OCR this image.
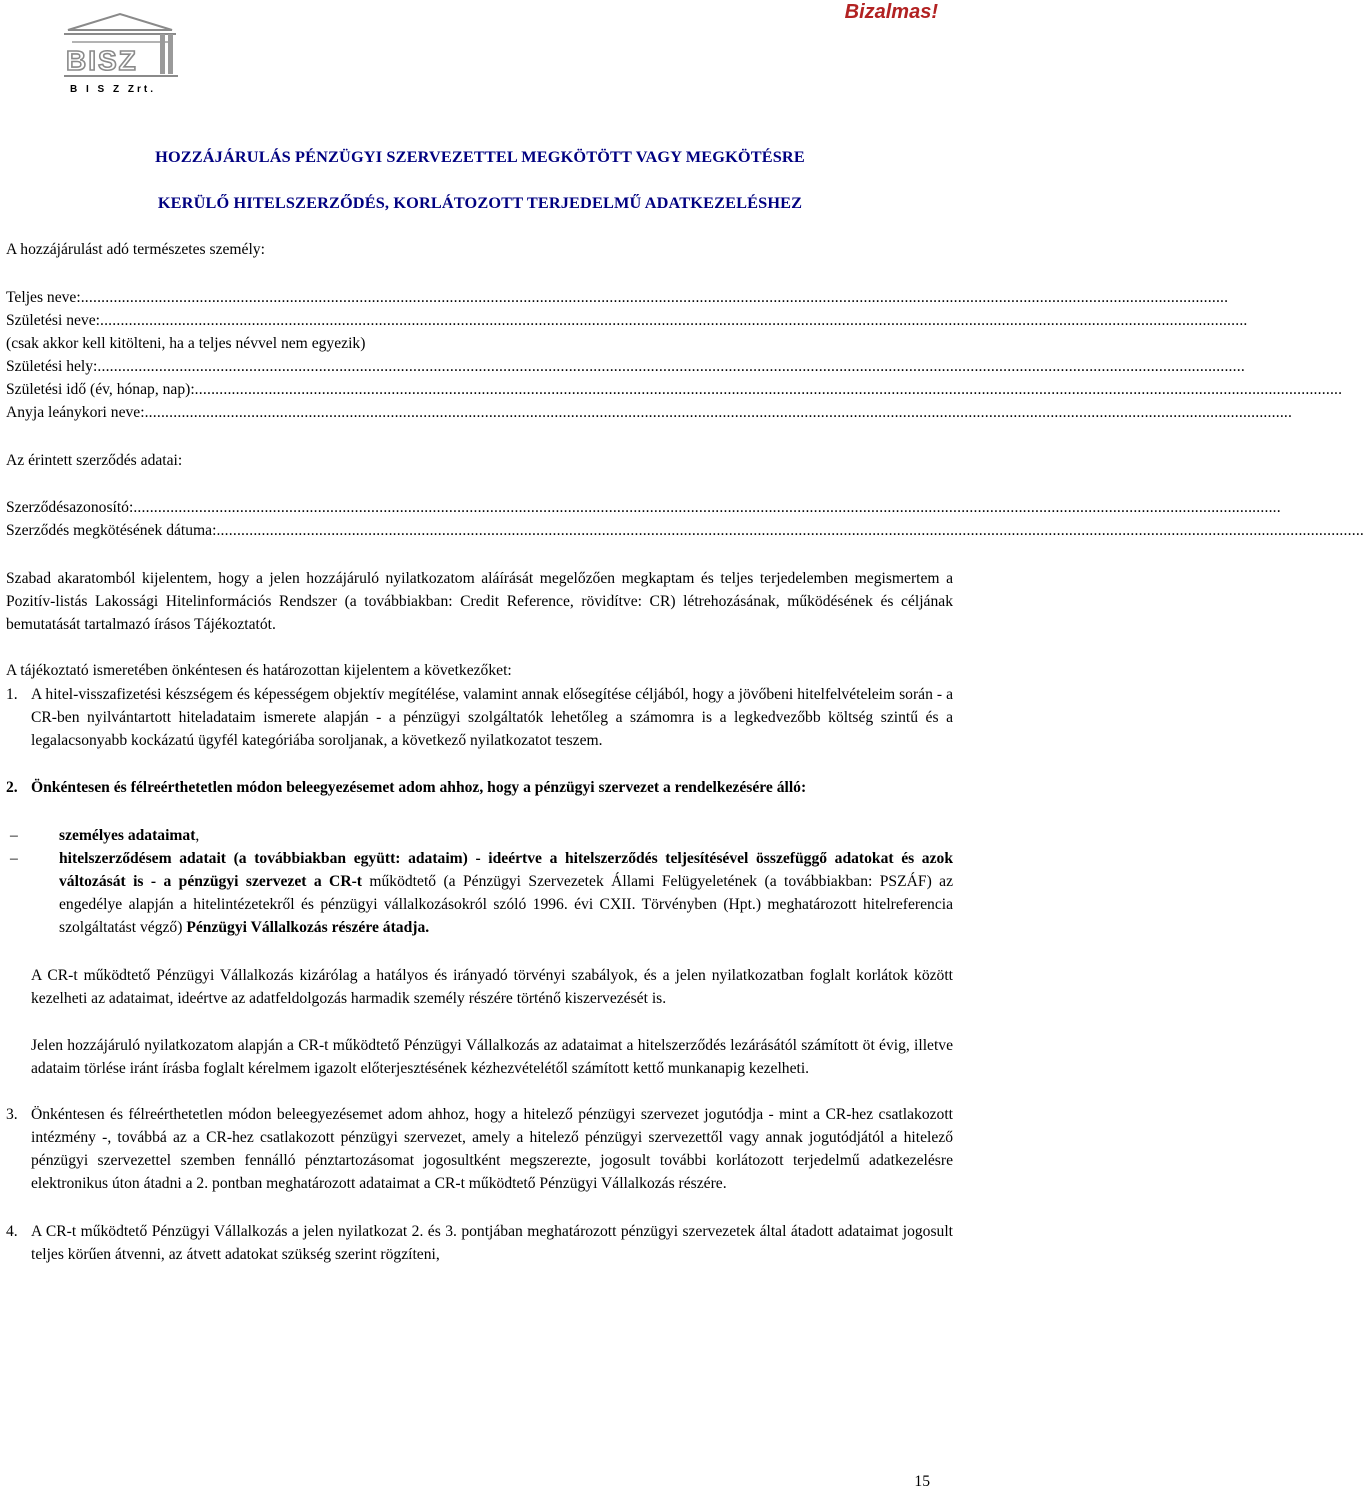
Bizalmas!
BISZ
B I S Z Zrt.
HOZZÁJÁRULÁS PÉNZÜGYI SZERVEZETTEL MEGKÖTÖTT VAGY MEGKÖTÉSRE
KERÜLŐ HITELSZERZŐDÉS, KORLÁTOZOTT TERJEDELMŰ ADATKEZELÉSHEZ
A hozzájárulást adó természetes személy:
Teljes neve: ........................................................................................................................................................................................................................................................................................
Születési neve: ........................................................................................................................................................................................................................................................................................
(csak akkor kell kitölteni, ha a teljes névvel nem egyezik)
Születési hely: ........................................................................................................................................................................................................................................................................................
Születési idő (év, hónap, nap): ........................................................................................................................................................................................................................................................................................
Anyja leánykori neve: ........................................................................................................................................................................................................................................................................................
Az érintett szerződés adatai:
Szerződésazonosító: ........................................................................................................................................................................................................................................................................................
Szerződés megkötésének dátuma: ........................................................................................................................................................................................................................................................................................
Szabad akaratomból kijelentem, hogy a jelen hozzájáruló nyilatkozatom aláírását megelőzően megkaptam és teljes terjedelemben megismertem a Pozitív-listás Lakossági Hitelinformációs Rendszer (a továbbiakban: Credit Reference, rövidítve: CR) létrehozásának, működésének és céljának bemutatását tartalmazó írásos Tájékoztatót.
A tájékoztató ismeretében önkéntesen és határozottan kijelentem a következőket:
1. A hitel-visszafizetési készségem és képességem objektív megítélése, valamint annak elősegítése céljából, hogy a jövőbeni hitelfelvételeim során - a CR-ben nyilvántartott hiteladataim ismerete alapján - a pénzügyi szolgáltatók lehetőleg a számomra is a legkedvezőbb költség szintű és a legalacsonyabb kockázatú ügyfél kategóriába soroljanak, a következő nyilatkozatot teszem.
2. Önkéntesen és félreérthetetlen módon beleegyezésemet adom ahhoz, hogy a pénzügyi szervezet a rendelkezésére álló:
–	személyes adataimat,
–	hitelszerződésem adatait (a továbbiakban együtt: adataim) - ideértve a hitelszerződés teljesítésével összefüggő adatokat és azok változását is - a pénzügyi szervezet a CR-t működtető (a Pénzügyi Szervezetek Állami Felügyeletének (a továbbiakban: PSZÁF) az engedélye alapján a hitelintézetekről és pénzügyi vállalkozásokról szóló 1996. évi CXII. Törvényben (Hpt.) meghatározott hitelreferencia szolgáltatást végző) Pénzügyi Vállalkozás részére átadja.
A CR-t működtető Pénzügyi Vállalkozás kizárólag a hatályos és irányadó törvényi szabályok, és a jelen nyilatkozatban foglalt korlátok között kezelheti az adataimat, ideértve az adatfeldolgozás harmadik személy részére történő kiszervezését is.
Jelen hozzájáruló nyilatkozatom alapján a CR-t működtető Pénzügyi Vállalkozás az adataimat a hitelszerződés lezárásától számított öt évig, illetve adataim törlése iránt írásba foglalt kérelmem igazolt előterjesztésének kézhezvételétől számított kettő munkanapig kezelheti.
3. Önkéntesen és félreérthetetlen módon beleegyezésemet adom ahhoz, hogy a hitelező pénzügyi szervezet jogutódja - mint a CR-hez csatlakozott intézmény -, továbbá az a CR-hez csatlakozott pénzügyi szervezet, amely a hitelező pénzügyi szervezettől vagy annak jogutódjától a hitelező pénzügyi szervezettel szemben fennálló pénztartozásomat jogosultként megszerezte, jogosult további korlátozott terjedelmű adatkezelésre elektronikus úton átadni a 2. pontban meghatározott adataimat a CR-t működtető Pénzügyi Vállalkozás részére.
4. A CR-t működtető Pénzügyi Vállalkozás a jelen nyilatkozat 2. és 3. pontjában meghatározott pénzügyi szervezetek által átadott adataimat jogosult teljes körűen átvenni, az átvett adatokat szükség szerint rögzíteni,
15
